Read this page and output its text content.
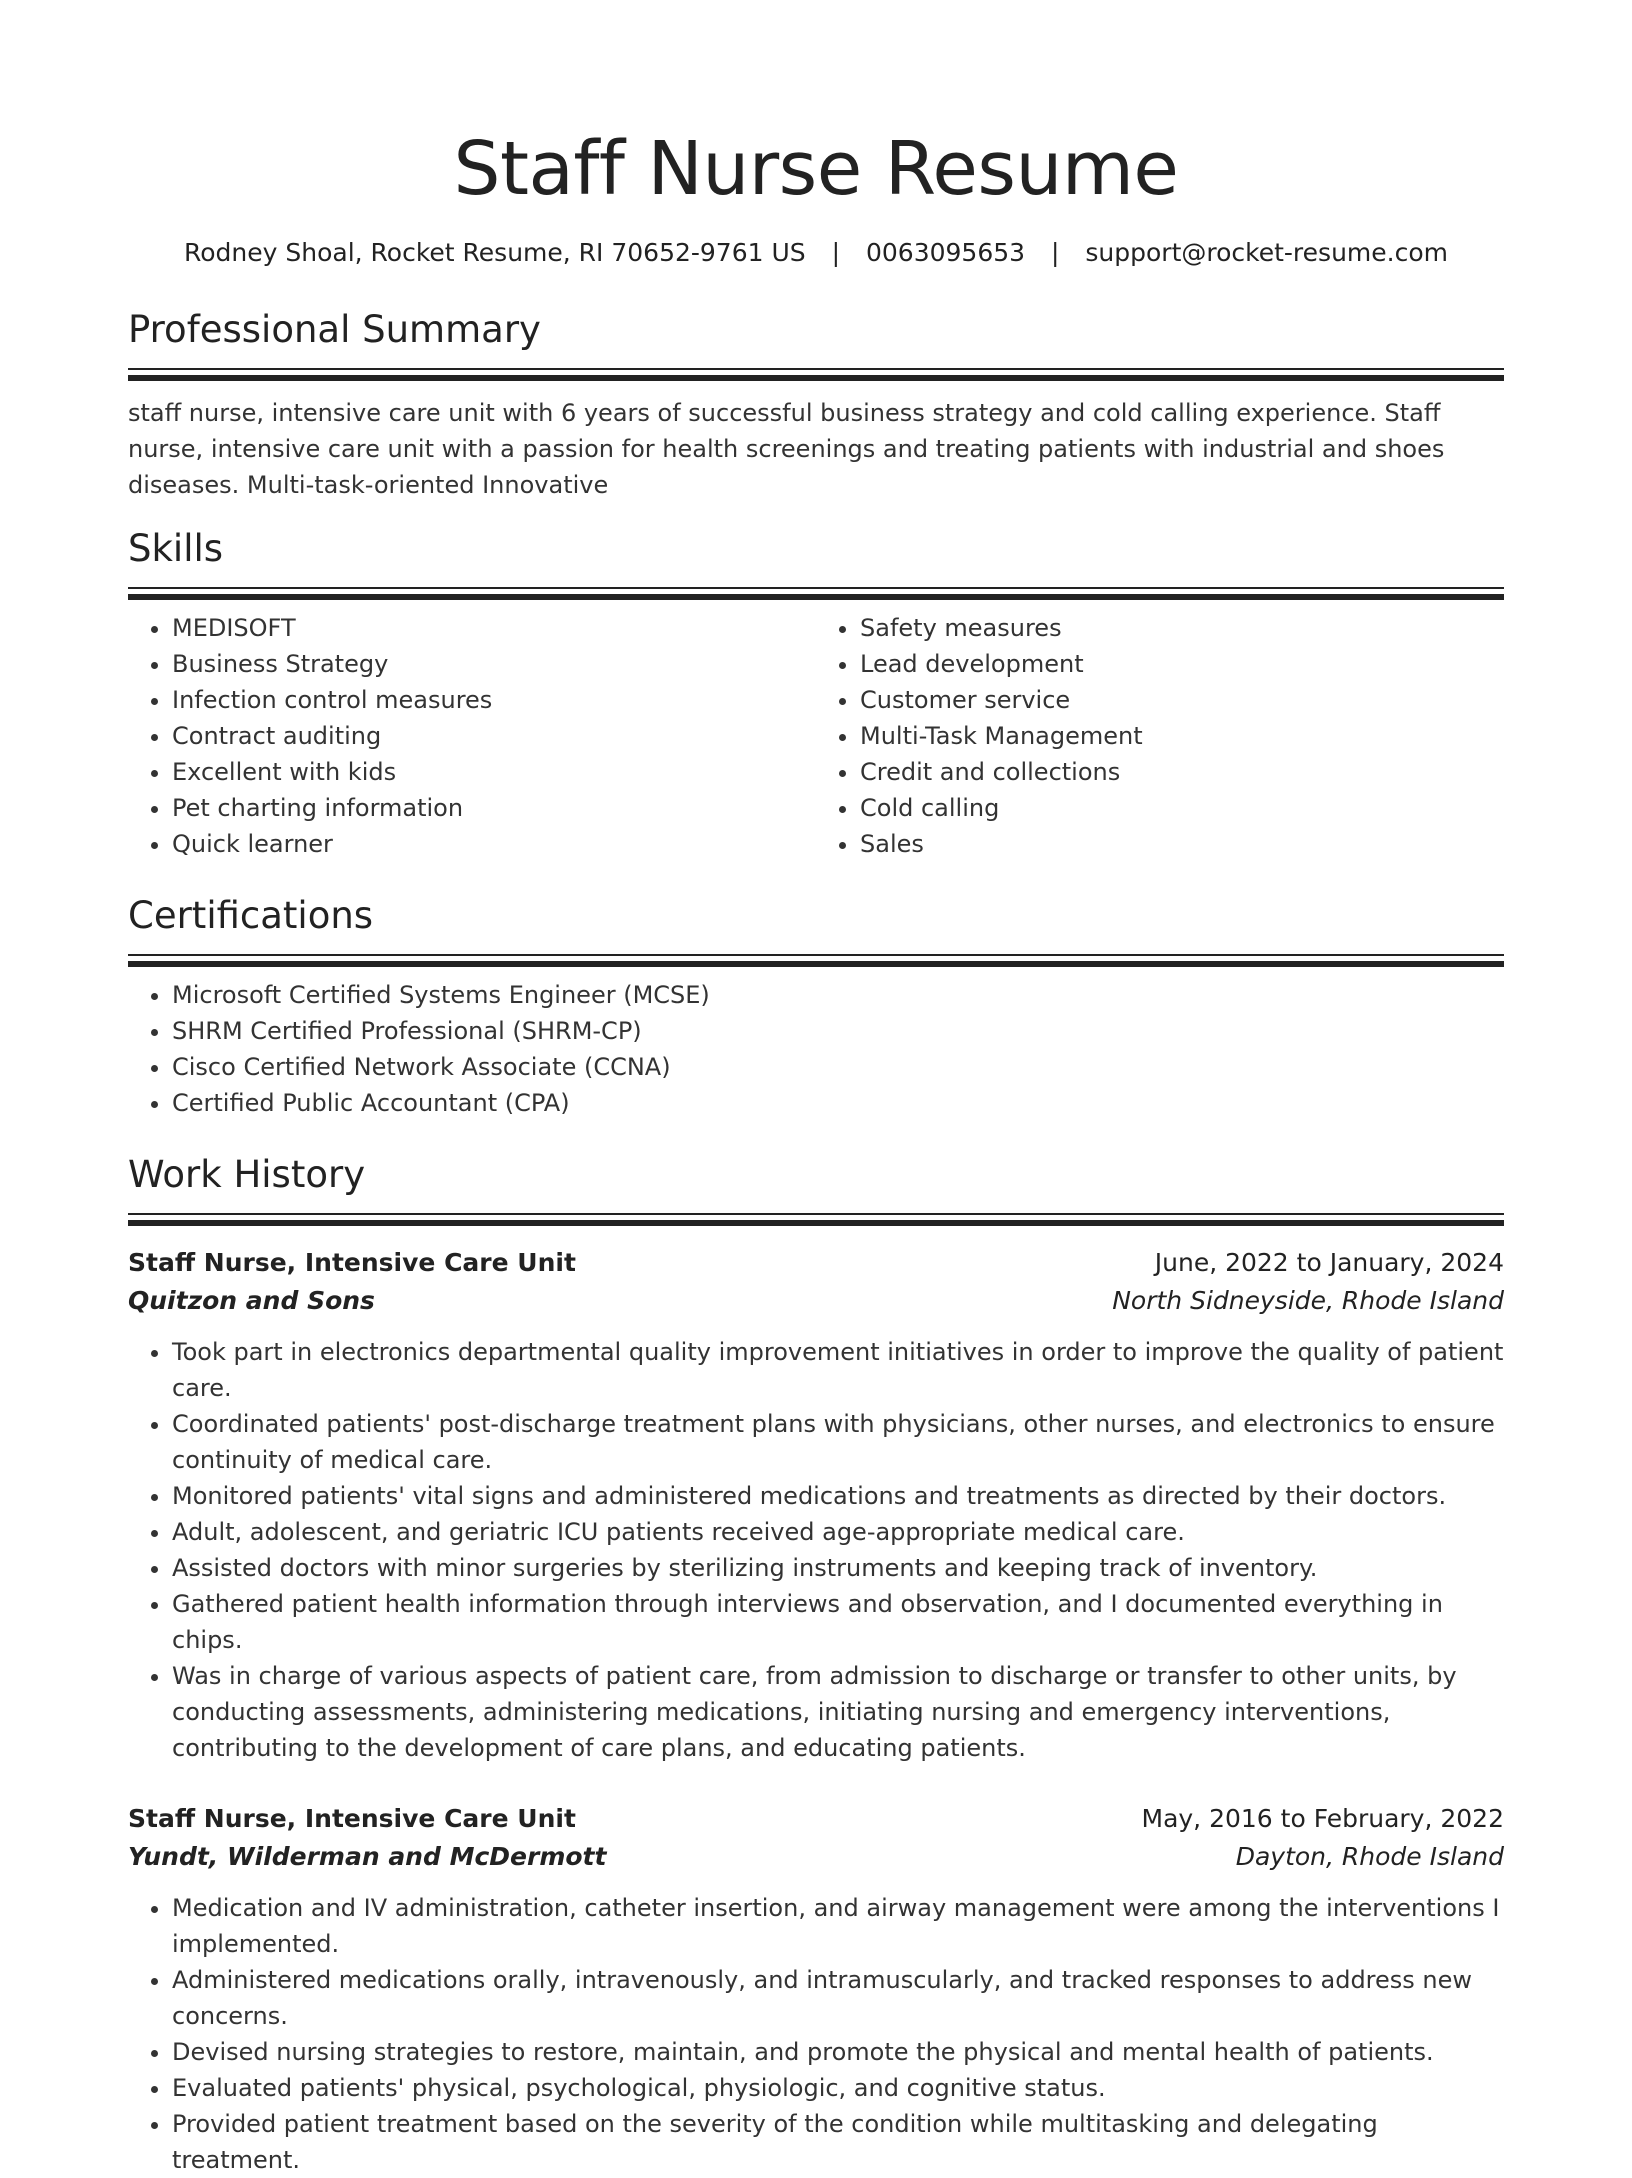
Staff Nurse Resume
Rodney Shoal, Rocket Resume, RI 70652-9761 US | 0063095653 | support@rocket-resume.com
Professional Summary

staff nurse, intensive care unit with 6 years of successful business strategy and cold calling experience. Staff nurse, intensive care unit with a passion for health screenings and treating patients with industrial and shoes diseases. Multi-task-oriented Innovative

Skills
• MEDISOFT
• Business Strategy
• Infection control measures
• Contract auditing
• Excellent with kids
• Pet charting information
• Quick learner
• Safety measures
• Lead development
• Customer service
• Multi-Task Management
• Credit and collections
• Cold calling
• Sales
Certifications
• Microsoft Certified Systems Engineer (MCSE)
• SHRM Certified Professional (SHRM-CP)
• Cisco Certified Network Associate (CCNA)
• Certified Public Accountant (CPA)
Work History
Staff Nurse, Intensive Care Unit	June, 2022 to January, 2024
Quitzon and Sons	North Sidneyside, Rhode Island
• Took part in electronics departmental quality improvement initiatives in order to improve the quality of patient care.
• Coordinated patients' post-discharge treatment plans with physicians, other nurses, and electronics to ensure continuity of medical care.
• Monitored patients' vital signs and administered medications and treatments as directed by their doctors.
• Adult, adolescent, and geriatric ICU patients received age-appropriate medical care.
• Assisted doctors with minor surgeries by sterilizing instruments and keeping track of inventory.
• Gathered patient health information through interviews and observation, and I documented everything in chips.
• Was in charge of various aspects of patient care, from admission to discharge or transfer to other units, by conducting assessments, administering medications, initiating nursing and emergency interventions, contributing to the development of care plans, and educating patients.
Staff Nurse, Intensive Care Unit	May, 2016 to February, 2022
Yundt, Wilderman and McDermott	Dayton, Rhode Island
• Medication and IV administration, catheter insertion, and airway management were among the interventions I implemented.
• Administered medications orally, intravenously, and intramuscularly, and tracked responses to address new concerns.
• Devised nursing strategies to restore, maintain, and promote the physical and mental health of patients.
• Evaluated patients' physical, psychological, physiologic, and cognitive status.
• Provided patient treatment based on the severity of the condition while multitasking and delegating treatment.
